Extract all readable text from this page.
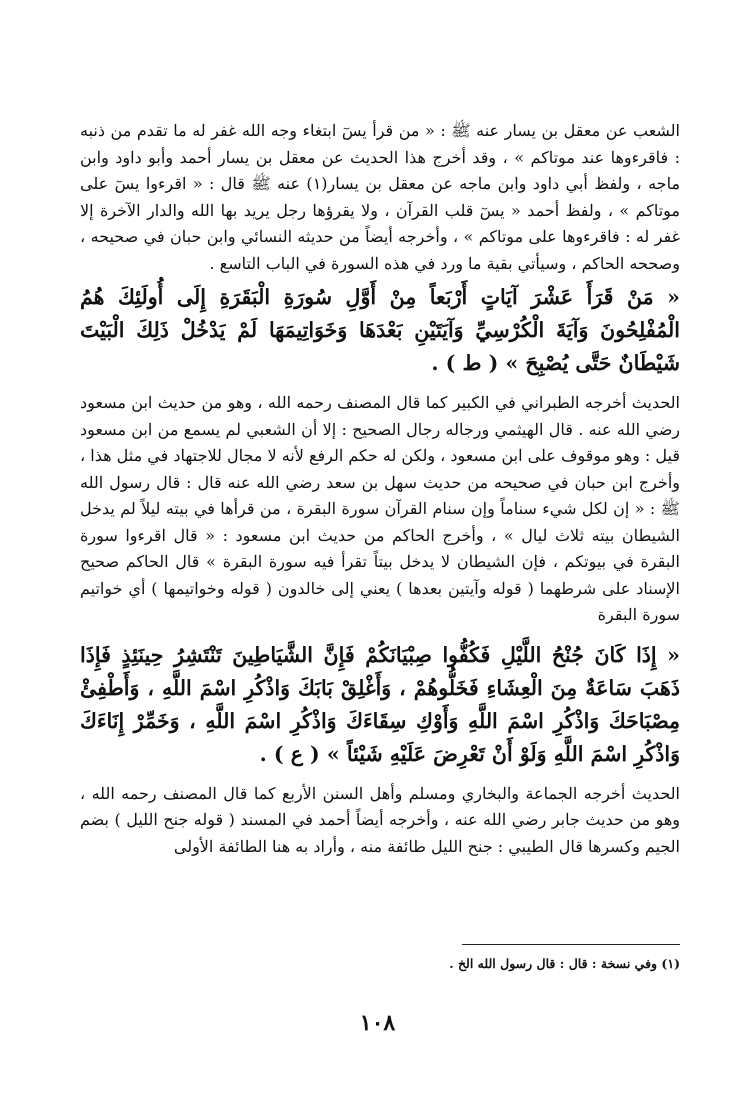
الشعب عن معقل بن يسار عنه ﷺ : « من قرأ يسٓ ابتغاء وجه الله غفر له ما تقدم من ذنبه : فاقرءوها عند موتاكم » ، وقد أخرج هذا الحديث عن معقل بن يسار أحمد وأبو داود وابن ماجه ، ولفظ أبي داود وابن ماجه عن معقل بن يسار(١) عنه ﷺ قال : « اقرءوا يسٓ على موتاكم » ، ولفظ أحمد « يسٓ قلب القرآن ، ولا يقرؤها رجل يريد بها الله والدار الآخرة إلا غفر له : فاقرءوها على موتاكم » ، وأخرجه أيضاً من حديثه النسائي وابن حبان في صحيحه ، وصححه الحاكم ، وسيأتي بقية ما ورد في هذه السورة في الباب التاسع .

« مَنْ قَرَأَ عَشْرَ آيَاتٍ أَرْبَعاً مِنْ أَوَّلِ سُورَةِ الْبَقَرَةِ إِلَى أُولَئِكَ هُمُ الْمُفْلِحُونَ وَآيَةَ الْكُرْسِيِّ وَآيَتَيْنِ بَعْدَهَا وَخَوَاتِيمَهَا لَمْ يَدْخُلْ ذَلِكَ الْبَيْتَ شَيْطَانٌ حَتَّى يُصْبِحَ » ( ط ) .

الحديث أخرجه الطبراني في الكبير كما قال المصنف رحمه الله ، وهو من حديث ابن مسعود رضي الله عنه . قال الهيثمي ورجاله رجال الصحيح : إلا أن الشعبي لم يسمع من ابن مسعود قيل : وهو موقوف على ابن مسعود ، ولكن له حكم الرفع لأنه لا مجال للاجتهاد في مثل هذا ، وأخرج ابن حبان في صحيحه من حديث سهل بن سعد رضي الله عنه قال : قال رسول الله ﷺ : « إن لكل شيء سناماً وإن سنام القرآن سورة البقرة ، من قرأها في بيته ليلاً لم يدخل الشيطان بيته ثلاث ليال » ، وأخرج الحاكم من حديث ابن مسعود : « قال اقرءوا سورة البقرة في بيوتكم ، فإن الشيطان لا يدخل بيتاً تقرأ فيه سورة البقرة » قال الحاكم صحيح الإسناد على شرطهما ( قوله وآيتين بعدها ) يعني إلى خالدون ( قوله وخواتيمها ) أي خواتيم سورة البقرة

« إِذَا كَانَ جُنْحُ اللَّيْلِ فَكُفُّوا صِبْيَانَكُمْ فَإِنَّ الشَّيَاطِينَ تَنْتَشِرُ حِينَئِذٍ فَإِذَا ذَهَبَ سَاعَةٌ مِنَ الْعِشَاءِ فَخَلُّوهُمْ ، وَأَغْلِقْ بَابَكَ وَاذْكُرِ اسْمَ اللَّهِ ، وَأَطْفِئْ مِصْبَاحَكَ وَاذْكُرِ اسْمَ اللَّهِ وَأَوْكِ سِقَاءَكَ وَاذْكُرِ اسْمَ اللَّهِ ، وَخَمِّرْ إِنَاءَكَ وَاذْكُرِ اسْمَ اللَّهِ وَلَوْ أَنْ تَعْرِضَ عَلَيْهِ شَيْئاً » ( ع ) .

الحديث أخرجه الجماعة والبخاري ومسلم وأهل السنن الأربع كما قال المصنف رحمه الله ، وهو من حديث جابر رضي الله عنه ، وأخرجه أيضاً أحمد في المسند ( قوله جنح الليل ) بضم الجيم وكسرها قال الطيبي : جنح الليل طائفة منه ، وأراد به هنا الطائفة الأولى

(١) وفي نسخة : قال : قال رسول الله الخ .
١٠٨
